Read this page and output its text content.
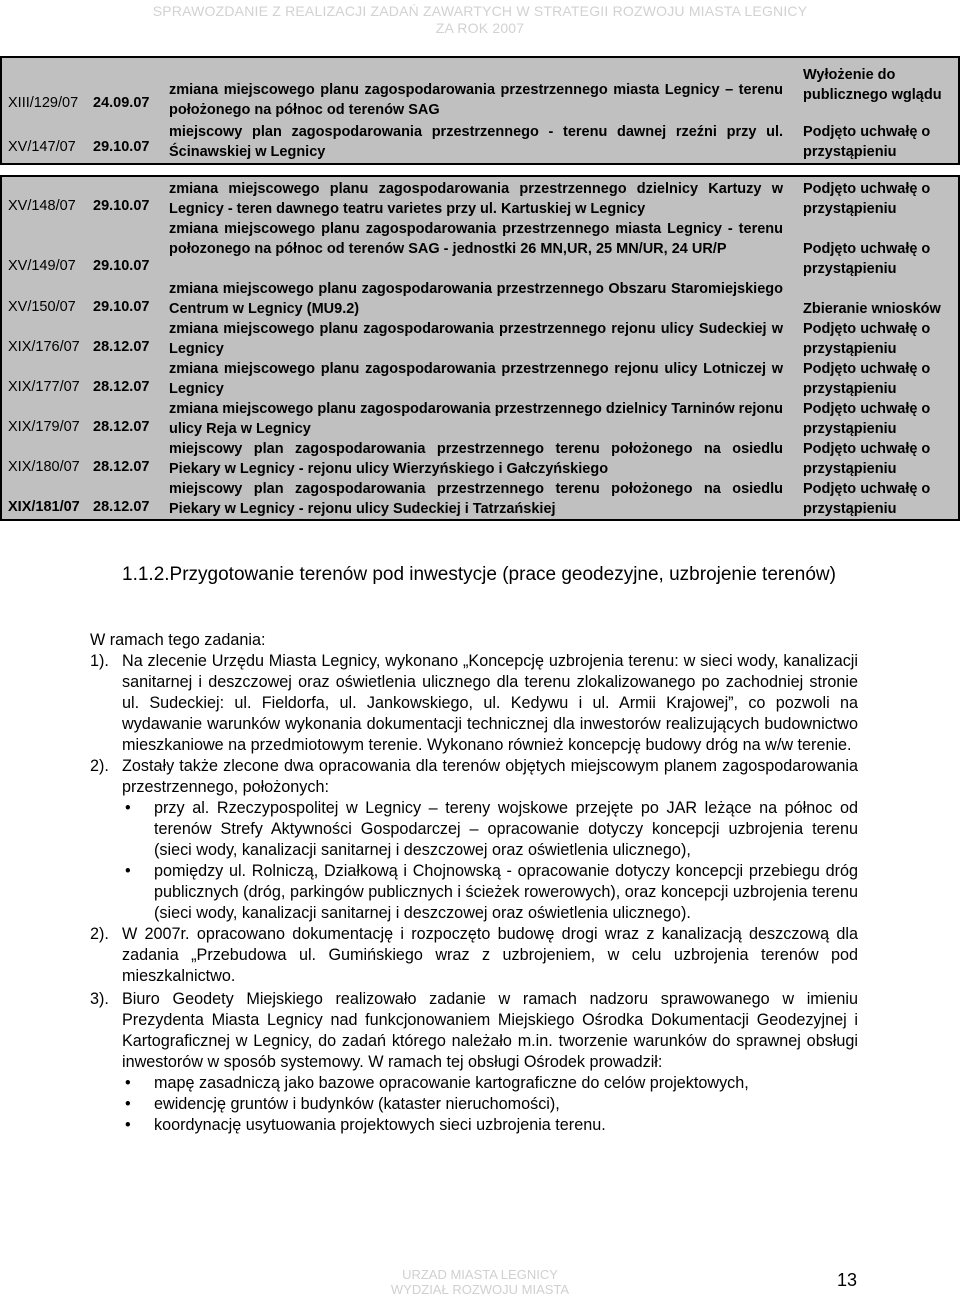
SPRAWOZDANIE Z REALIZACJI ZADAŃ ZAWARTYCH W STRATEGII ROZWOJU MIASTA LEGNICY
ZA ROK 2007
XIII/129/07	24.09.07	zmiana miejscowego planu zagospodarowania przestrzennego miasta Legnicy – terenu położonego na północ od terenów SAG	Wyłożenie do publicznego wglądu
XV/147/07	29.10.07	miejscowy plan zagospodarowania przestrzennego - terenu dawnej rzeźni przy ul. Ścinawskiej w Legnicy	Podjęto uchwałę o przystąpieniu
XV/148/07	29.10.07	zmiana miejscowego planu zagospodarowania przestrzennego dzielnicy Kartuzy w Legnicy - teren dawnego teatru varietes przy ul. Kartuskiej w Legnicy	Podjęto uchwałę o przystąpieniu
XV/149/07	29.10.07	zmiana miejscowego planu zagospodarowania przestrzennego miasta Legnicy - terenu połozonego na północ od terenów SAG - jednostki 26 MN,UR, 25 MN/UR, 24 UR/P	Podjęto uchwałę o przystąpieniu
XV/150/07	29.10.07	zmiana miejscowego planu zagospodarowania przestrzennego Obszaru Staromiejskiego Centrum w Legnicy (MU9.2)	Zbieranie wniosków
XIX/176/07	28.12.07	zmiana miejscowego planu zagospodarowania przestrzennego rejonu ulicy Sudeckiej w Legnicy	Podjęto uchwałę o przystąpieniu
XIX/177/07	28.12.07	zmiana miejscowego planu zagospodarowania przestrzennego rejonu ulicy Lotniczej w Legnicy	Podjęto uchwałę o przystąpieniu
XIX/179/07	28.12.07	zmiana miejscowego planu zagospodarowania przestrzennego dzielnicy Tarninów rejonu ulicy Reja w Legnicy	Podjęto uchwałę o przystąpieniu
XIX/180/07	28.12.07	miejscowy plan zagospodarowania przestrzennego terenu położonego na osiedlu Piekary w Legnicy - rejonu ulicy Wierzyńskiego i Gałczyńskiego	Podjęto uchwałę o przystąpieniu
XIX/181/07	28.12.07	miejscowy plan zagospodarowania przestrzennego terenu położonego na osiedlu Piekary w Legnicy - rejonu ulicy Sudeckiej i Tatrzańskiej	Podjęto uchwałę o przystąpieniu
1.1.2.Przygotowanie terenów pod inwestycje (prace geodezyjne, uzbrojenie terenów)

W ramach tego zadania:

1). Na zlecenie Urzędu Miasta Legnicy, wykonano „Koncepcję uzbrojenia terenu: w sieci wody, kanalizacji sanitarnej i deszczowej oraz oświetlenia ulicznego dla terenu zlokalizowanego po zachodniej stronie ul. Sudeckiej: ul. Fieldorfa, ul. Jankowskiego, ul. Kedywu i ul. Armii Krajowej”, co pozwoli na wydawanie warunków wykonania dokumentacji technicznej dla inwestorów realizujących budownictwo mieszkaniowe na przedmiotowym terenie. Wykonano również koncepcję budowy dróg na w/w terenie.

2). Zostały także zlecone dwa opracowania dla terenów objętych miejscowym planem zagospodarowania przestrzennego, położonych:

• przy al. Rzeczypospolitej w Legnicy – tereny wojskowe przejęte po JAR leżące na północ od terenów Strefy Aktywności Gospodarczej – opracowanie dotyczy koncepcji uzbrojenia terenu (sieci wody, kanalizacji sanitarnej i deszczowej oraz oświetlenia ulicznego),

• pomiędzy ul. Rolniczą, Działkową i Chojnowską - opracowanie dotyczy koncepcji przebiegu dróg publicznych (dróg, parkingów publicznych i ścieżek rowerowych), oraz koncepcji uzbrojenia terenu (sieci wody, kanalizacji sanitarnej i deszczowej oraz oświetlenia ulicznego).

2). W 2007r. opracowano dokumentację i rozpoczęto budowę drogi wraz z kanalizacją deszczową dla zadania „Przebudowa ul. Gumińskiego wraz z uzbrojeniem, w celu uzbrojenia terenów pod mieszkalnictwo.

3). Biuro Geodety Miejskiego realizowało zadanie w ramach nadzoru sprawowanego w imieniu Prezydenta Miasta Legnicy nad funkcjonowaniem Miejskiego Ośrodka Dokumentacji Geodezyjnej i Kartograficznej w Legnicy, do zadań którego należało m.in. tworzenie warunków do sprawnej obsługi inwestorów w sposób systemowy. W ramach tej obsługi Ośrodek prowadził:

• mapę zasadniczą jako bazowe opracowanie kartograficzne do celów projektowych,

• ewidencję gruntów i budynków (kataster nieruchomości),

• koordynację usytuowania projektowych sieci uzbrojenia terenu.

URZAD MIASTA LEGNICY
WYDZIAŁ ROZWOJU MIASTA	13
